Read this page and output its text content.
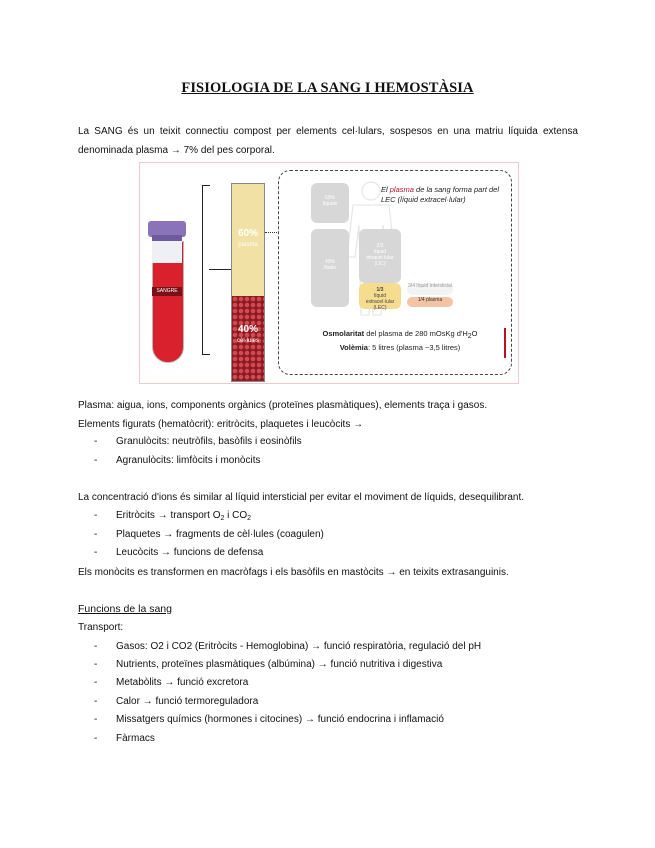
FISIOLOGIA DE LA SANG I HEMOSTÀSIA
La SANG és un teixit connectiu compost per elements cel·lulars, sospesos en una matriu líquida extensa denominada plasma → 7% del pes corporal.
SANGRE
60%
plasma
40%
cèl·lules
60%
líquids
40%
fluids
2/3
líquid intracel·lular (LIC)
1/3
líquid extracel·lular (LEC)
3/4 líquid intersticial
1/4 plasma
El plasma de la sang forma part del LEC (líquid extracel·lular)
Osmolaritat del plasma de 280 mOsKg $d'H_2O$
Volèmia: 5 litres (plasma ~3,5 litres)
Plasma: aigua, ions, components orgànics (proteïnes plasmàtiques), elements traça i gasos.
Elements figurats (hematòcrit): eritròcits, plaquetes i leucòcits →
- Granulòcits: neutròfils, basòfils i eosinòfils
- Agranulòcits: limfòcits i monòcits
La concentració d'ions és similar al líquid intersticial per evitar el moviment de líquids, desequilibrant.
- Eritròcits → transport $O_2$ i $CO_2$
- Plaquetes → fragments de cèl·lules (coagulen)
- Leucòcits → funcions de defensa
Els monòcits es transformen en macròfags i els basòfils en mastòcits → en teixits extrasanguinis.
Funcions de la sang
Transport:
- Gasos: O2 i CO2 (Eritròcits - Hemoglobina) → funció respiratòria, regulació del pH
- Nutrients, proteïnes plasmàtiques (albúmina) → funció nutritiva i digestiva
- Metabòlits → funció excretora
- Calor → funció termoreguladora
- Missatgers químics (hormones i citocines) → funció endocrina i inflamació
- Fàrmacs
